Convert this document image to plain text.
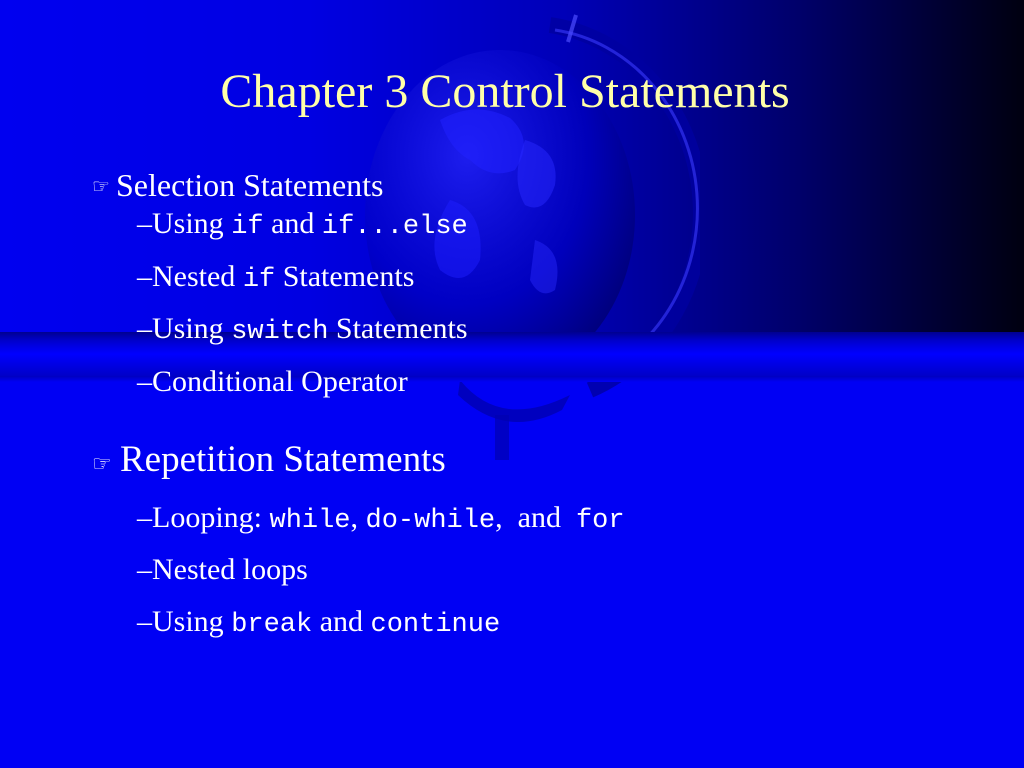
Chapter 3 Control Statements
☞ Selection Statements
–Using if and if...else
–Nested if Statements
–Using switch Statements
–Conditional Operator
☞ Repetition Statements
–Looping: while, do-while,  and  for
–Nested loops
–Using break and continue
